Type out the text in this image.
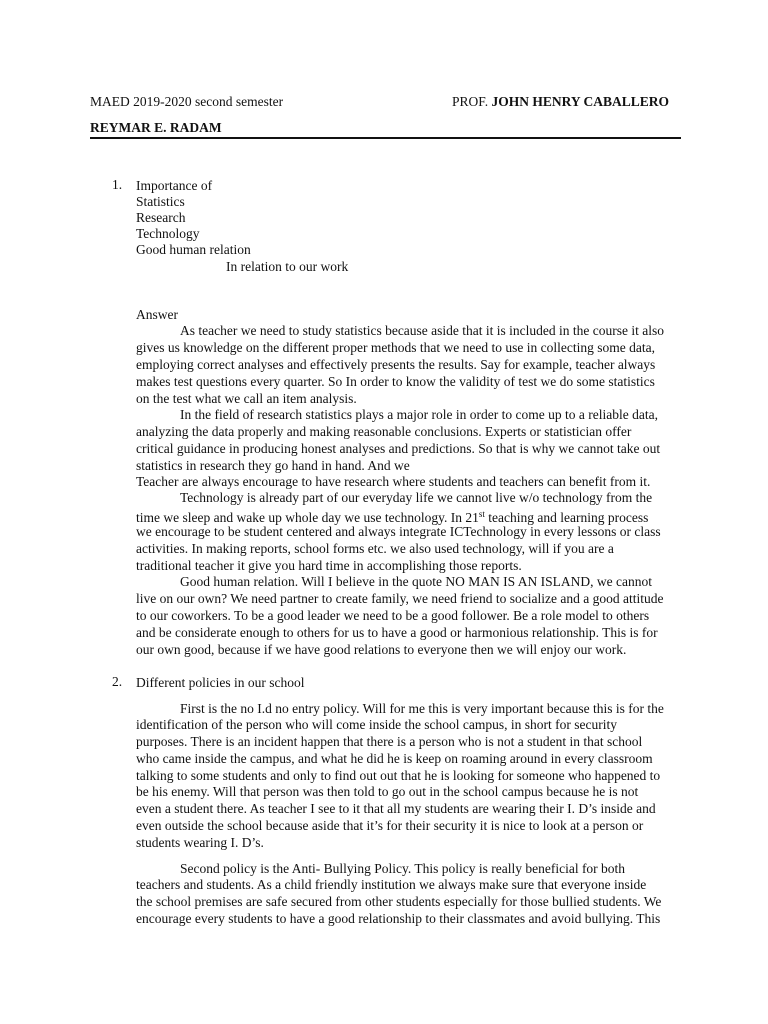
MAED 2019-2020 second semester	PROF. JOHN HENRY CABALLERO
REYMAR E. RADAM
1. Importance of
Statistics
Research
Technology
Good human relation
In relation to our work
Answer
As teacher we need to study statistics because aside that it is included in the course it also
gives us knowledge on the different proper methods that we need to use in collecting some data,
employing correct analyses and effectively presents the results. Say for example, teacher always
makes test questions every quarter. So In order to know the validity of test we do some statistics
on the test what we call an item analysis.
In the field of research statistics plays a major role in order to come up to a reliable data,
analyzing the data properly and making reasonable conclusions. Experts or statistician offer
critical guidance in producing honest analyses and predictions. So that is why we cannot take out
statistics in research they go hand in hand. And we
Teacher are always encourage to have research where students and teachers can benefit from it.
Technology is already part of our everyday life we cannot live w/o technology from the
time we sleep and wake up whole day we use technology. In 21st teaching and learning process
we encourage to be student centered and always integrate ICTechnology in every lessons or class
activities. In making reports, school forms etc. we also used technology, will if you are a
traditional teacher it give you hard time in accomplishing those reports.
Good human relation. Will I believe in the quote NO MAN IS AN ISLAND, we cannot
live on our own? We need partner to create family, we need friend to socialize and a good attitude
to our coworkers. To be a good leader we need to be a good follower. Be a role model to others
and be considerate enough to others for us to have a good or harmonious relationship. This is for
our own good, because if we have good relations to everyone then we will enjoy our work.
2. Different policies in our school
First is the no I.d no entry policy. Will for me this is very important because this is for the
identification of the person who will come inside the school campus, in short for security
purposes. There is an incident happen that there is a person who is not a student in that school
who came inside the campus, and what he did he is keep on roaming around in every classroom
talking to some students and only to find out out that he is looking for someone who happened to
be his enemy. Will that person was then told to go out in the school campus because he is not
even a student there. As teacher I see to it that all my students are wearing their I. D’s inside and
even outside the school because aside that it’s for their security it is nice to look at a person or
students wearing I. D’s.
Second policy is the Anti- Bullying Policy. This policy is really beneficial for both
teachers and students. As a child friendly institution we always make sure that everyone inside
the school premises are safe secured from other students especially for those bullied students. We
encourage every students to have a good relationship to their classmates and avoid bullying. This
